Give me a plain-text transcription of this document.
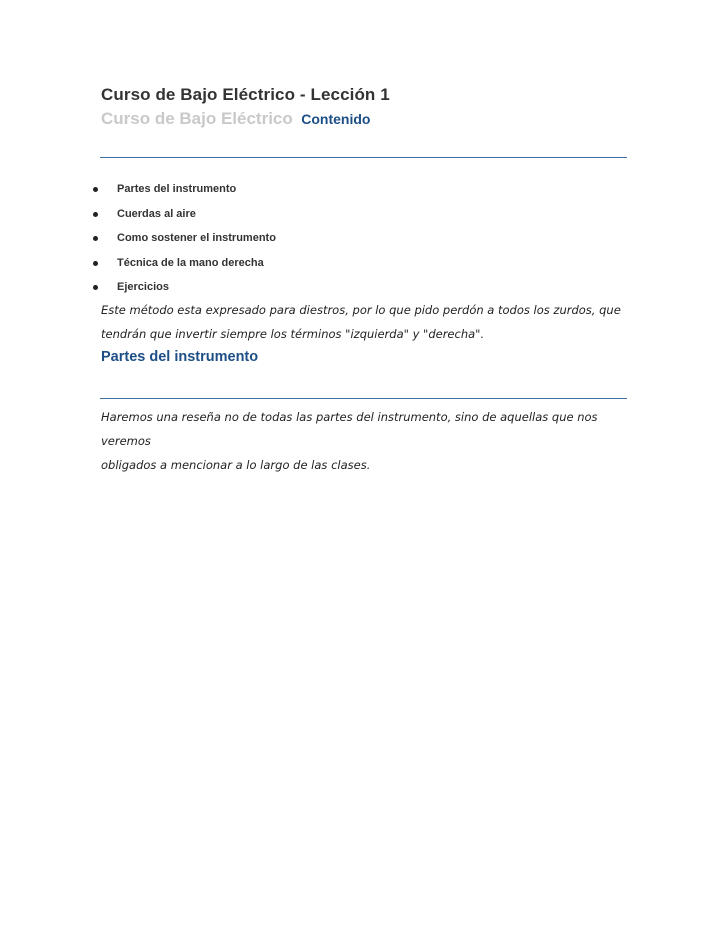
Curso de Bajo Eléctrico - Lección 1
Curso de Bajo Eléctrico Contenido
Partes del instrumento
Cuerdas al aire
Como sostener el instrumento
Técnica de la mano derecha
Ejercicios
Este método esta expresado para diestros, por lo que pido perdón a todos los zurdos, que
tendrán que invertir siempre los términos "izquierda" y "derecha".
Partes del instrumento
Haremos una reseña no de todas las partes del instrumento, sino de aquellas que nos veremos
obligados a mencionar a lo largo de las clases.
